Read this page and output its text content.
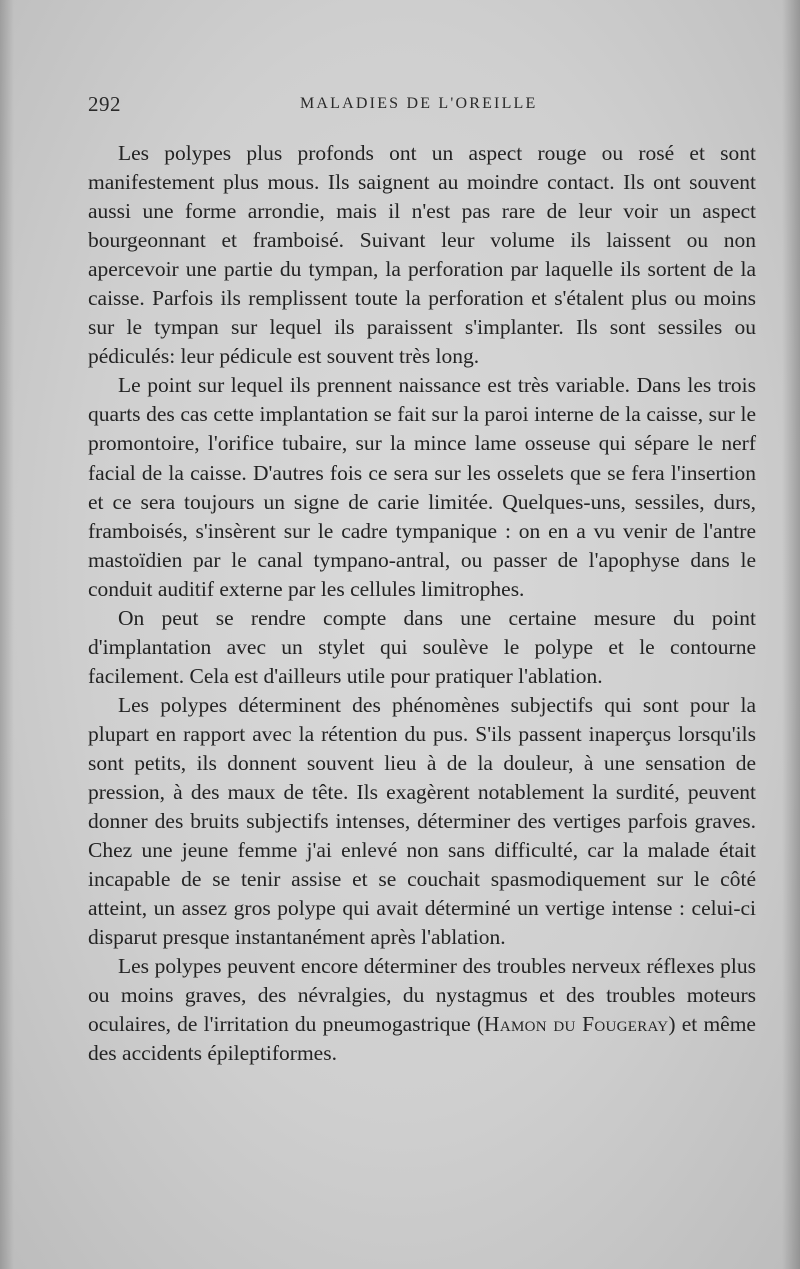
292	MALADIES DE L'OREILLE

Les polypes plus profonds ont un aspect rouge ou rosé et sont manifestement plus mous. Ils saignent au moindre contact. Ils ont souvent aussi une forme arrondie, mais il n'est pas rare de leur voir un aspect bourgeonnant et framboisé. Suivant leur volume ils laissent ou non apercevoir une partie du tympan, la perforation par laquelle ils sortent de la caisse. Parfois ils remplissent toute la perforation et s'étalent plus ou moins sur le tympan sur lequel ils paraissent s'implanter. Ils sont sessiles ou pédiculés: leur pédicule est souvent très long.

Le point sur lequel ils prennent naissance est très variable. Dans les trois quarts des cas cette implantation se fait sur la paroi interne de la caisse, sur le promontoire, l'orifice tubaire, sur la mince lame osseuse qui sépare le nerf facial de la caisse. D'autres fois ce sera sur les osselets que se fera l'insertion et ce sera toujours un signe de carie limitée. Quelques-uns, sessiles, durs, framboisés, s'insèrent sur le cadre tympanique : on en a vu venir de l'antre mastoïdien par le canal tympano-antral, ou passer de l'apophyse dans le conduit auditif externe par les cellules limitrophes.

On peut se rendre compte dans une certaine mesure du point d'implantation avec un stylet qui soulève le polype et le contourne facilement. Cela est d'ailleurs utile pour pratiquer l'ablation.

Les polypes déterminent des phénomènes subjectifs qui sont pour la plupart en rapport avec la rétention du pus. S'ils passent inaperçus lorsqu'ils sont petits, ils donnent souvent lieu à de la douleur, à une sensation de pression, à des maux de tête. Ils exagèrent notablement la surdité, peuvent donner des bruits subjectifs intenses, déterminer des vertiges parfois graves. Chez une jeune femme j'ai enlevé non sans difficulté, car la malade était incapable de se tenir assise et se couchait spasmodiquement sur le côté atteint, un assez gros polype qui avait déterminé un vertige intense : celui-ci disparut presque instantanément après l'ablation.

Les polypes peuvent encore déterminer des troubles nerveux réflexes plus ou moins graves, des névralgies, du nystagmus et des troubles moteurs oculaires, de l'irritation du pneumogastrique (Hamon du Fougeray) et même des accidents épileptiformes.
